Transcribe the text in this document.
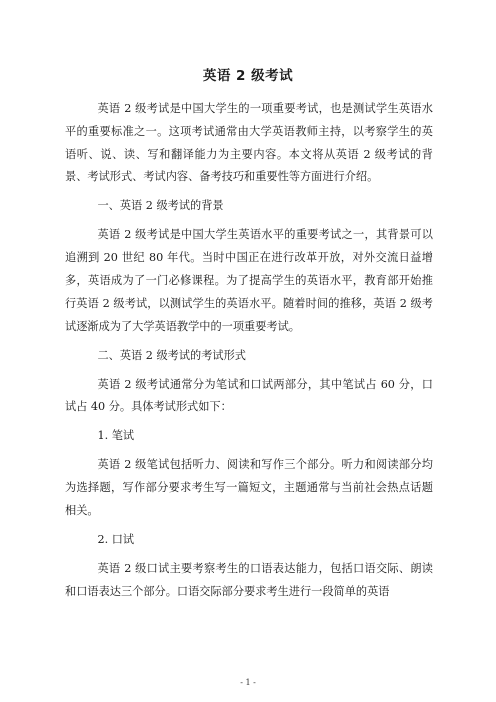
英语 2 级考试

英语 2 级考试是中国大学生的一项重要考试，也是测试学生英语水平的重要标准之一。这项考试通常由大学英语教师主持，以考察学生的英语听、说、读、写和翻译能力为主要内容。本文将从英语 2 级考试的背景、考试形式、考试内容、备考技巧和重要性等方面进行介绍。

一、英语 2 级考试的背景

英语 2 级考试是中国大学生英语水平的重要考试之一，其背景可以追溯到 20 世纪 80 年代。当时中国正在进行改革开放，对外交流日益增多，英语成为了一门必修课程。为了提高学生的英语水平，教育部开始推行英语 2 级考试，以测试学生的英语水平。随着时间的推移，英语 2 级考试逐渐成为了大学英语教学中的一项重要考试。

二、英语 2 级考试的考试形式

英语 2 级考试通常分为笔试和口试两部分，其中笔试占 60 分，口试占 40 分。具体考试形式如下：

1. 笔试

英语 2 级笔试包括听力、阅读和写作三个部分。听力和阅读部分均为选择题，写作部分要求考生写一篇短文，主题通常与当前社会热点话题相关。

2. 口试

英语 2 级口试主要考察考生的口语表达能力，包括口语交际、朗读和口语表达三个部分。口语交际部分要求考生进行一段简单的英语

- 1 -
